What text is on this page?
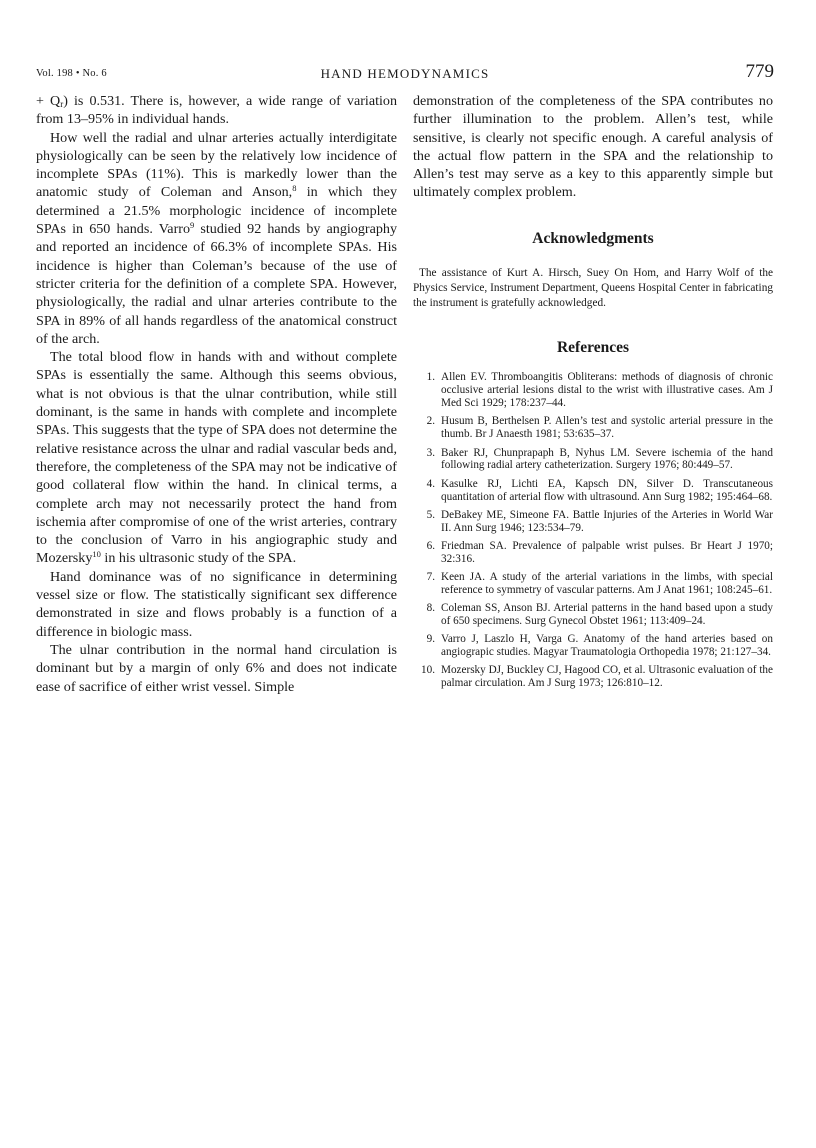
Vol. 198 • No. 6	HAND HEMODYNAMICS	779

+ $Q_r$) is 0.531. There is, however, a wide range of variation from 13–95% in individual hands.

How well the radial and ulnar arteries actually interdigitate physiologically can be seen by the relatively low incidence of incomplete SPAs (11%). This is markedly lower than the anatomic study of Coleman and Anson,$^8$ in which they determined a 21.5% morphologic incidence of incomplete SPAs in 650 hands. Varro$^9$ studied 92 hands by angiography and reported an incidence of 66.3% of incomplete SPAs. His incidence is higher than Coleman’s because of the use of stricter criteria for the definition of a complete SPA. However, physiologically, the radial and ulnar arteries contribute to the SPA in 89% of all hands regardless of the anatomical construct of the arch.

The total blood flow in hands with and without complete SPAs is essentially the same. Although this seems obvious, what is not obvious is that the ulnar contribution, while still dominant, is the same in hands with complete and incomplete SPAs. This suggests that the type of SPA does not determine the relative resistance across the ulnar and radial vascular beds and, therefore, the completeness of the SPA may not be indicative of good collateral flow within the hand. In clinical terms, a complete arch may not necessarily protect the hand from ischemia after compromise of one of the wrist arteries, contrary to the conclusion of Varro in his angiographic study and Mozersky$^{10}$ in his ultrasonic study of the SPA.

Hand dominance was of no significance in determining vessel size or flow. The statistically significant sex difference demonstrated in size and flows probably is a function of a difference in biologic mass.

The ulnar contribution in the normal hand circulation is dominant but by a margin of only 6% and does not indicate ease of sacrifice of either wrist vessel. Simple

demonstration of the completeness of the SPA contributes no further illumination to the problem. Allen’s test, while sensitive, is clearly not specific enough. A careful analysis of the actual flow pattern in the SPA and the relationship to Allen’s test may serve as a key to this apparently simple but ultimately complex problem.

Acknowledgments

The assistance of Kurt A. Hirsch, Suey On Hom, and Harry Wolf of the Physics Service, Instrument Department, Queens Hospital Center in fabricating the instrument is gratefully acknowledged.

References
1. Allen EV. Thromboangitis Obliterans: methods of diagnosis of chronic occlusive arterial lesions distal to the wrist with illustrative cases. Am J Med Sci 1929; 178:237–44.
2. Husum B, Berthelsen P. Allen’s test and systolic arterial pressure in the thumb. Br J Anaesth 1981; 53:635–37.
3. Baker RJ, Chunprapaph B, Nyhus LM. Severe ischemia of the hand following radial artery catheterization. Surgery 1976; 80:449–57.
4. Kasulke RJ, Lichti EA, Kapsch DN, Silver D. Transcutaneous quantitation of arterial flow with ultrasound. Ann Surg 1982; 195:464–68.
5. DeBakey ME, Simeone FA. Battle Injuries of the Arteries in World War II. Ann Surg 1946; 123:534–79.
6. Friedman SA. Prevalence of palpable wrist pulses. Br Heart J 1970; 32:316.
7. Keen JA. A study of the arterial variations in the limbs, with special reference to symmetry of vascular patterns. Am J Anat 1961; 108:245–61.
8. Coleman SS, Anson BJ. Arterial patterns in the hand based upon a study of 650 specimens. Surg Gynecol Obstet 1961; 113:409–24.
9. Varro J, Laszlo H, Varga G. Anatomy of the hand arteries based on angiograpic studies. Magyar Traumatologia Orthopedia 1978; 21:127–34.
10. Mozersky DJ, Buckley CJ, Hagood CO, et al. Ultrasonic evaluation of the palmar circulation. Am J Surg 1973; 126:810–12.
